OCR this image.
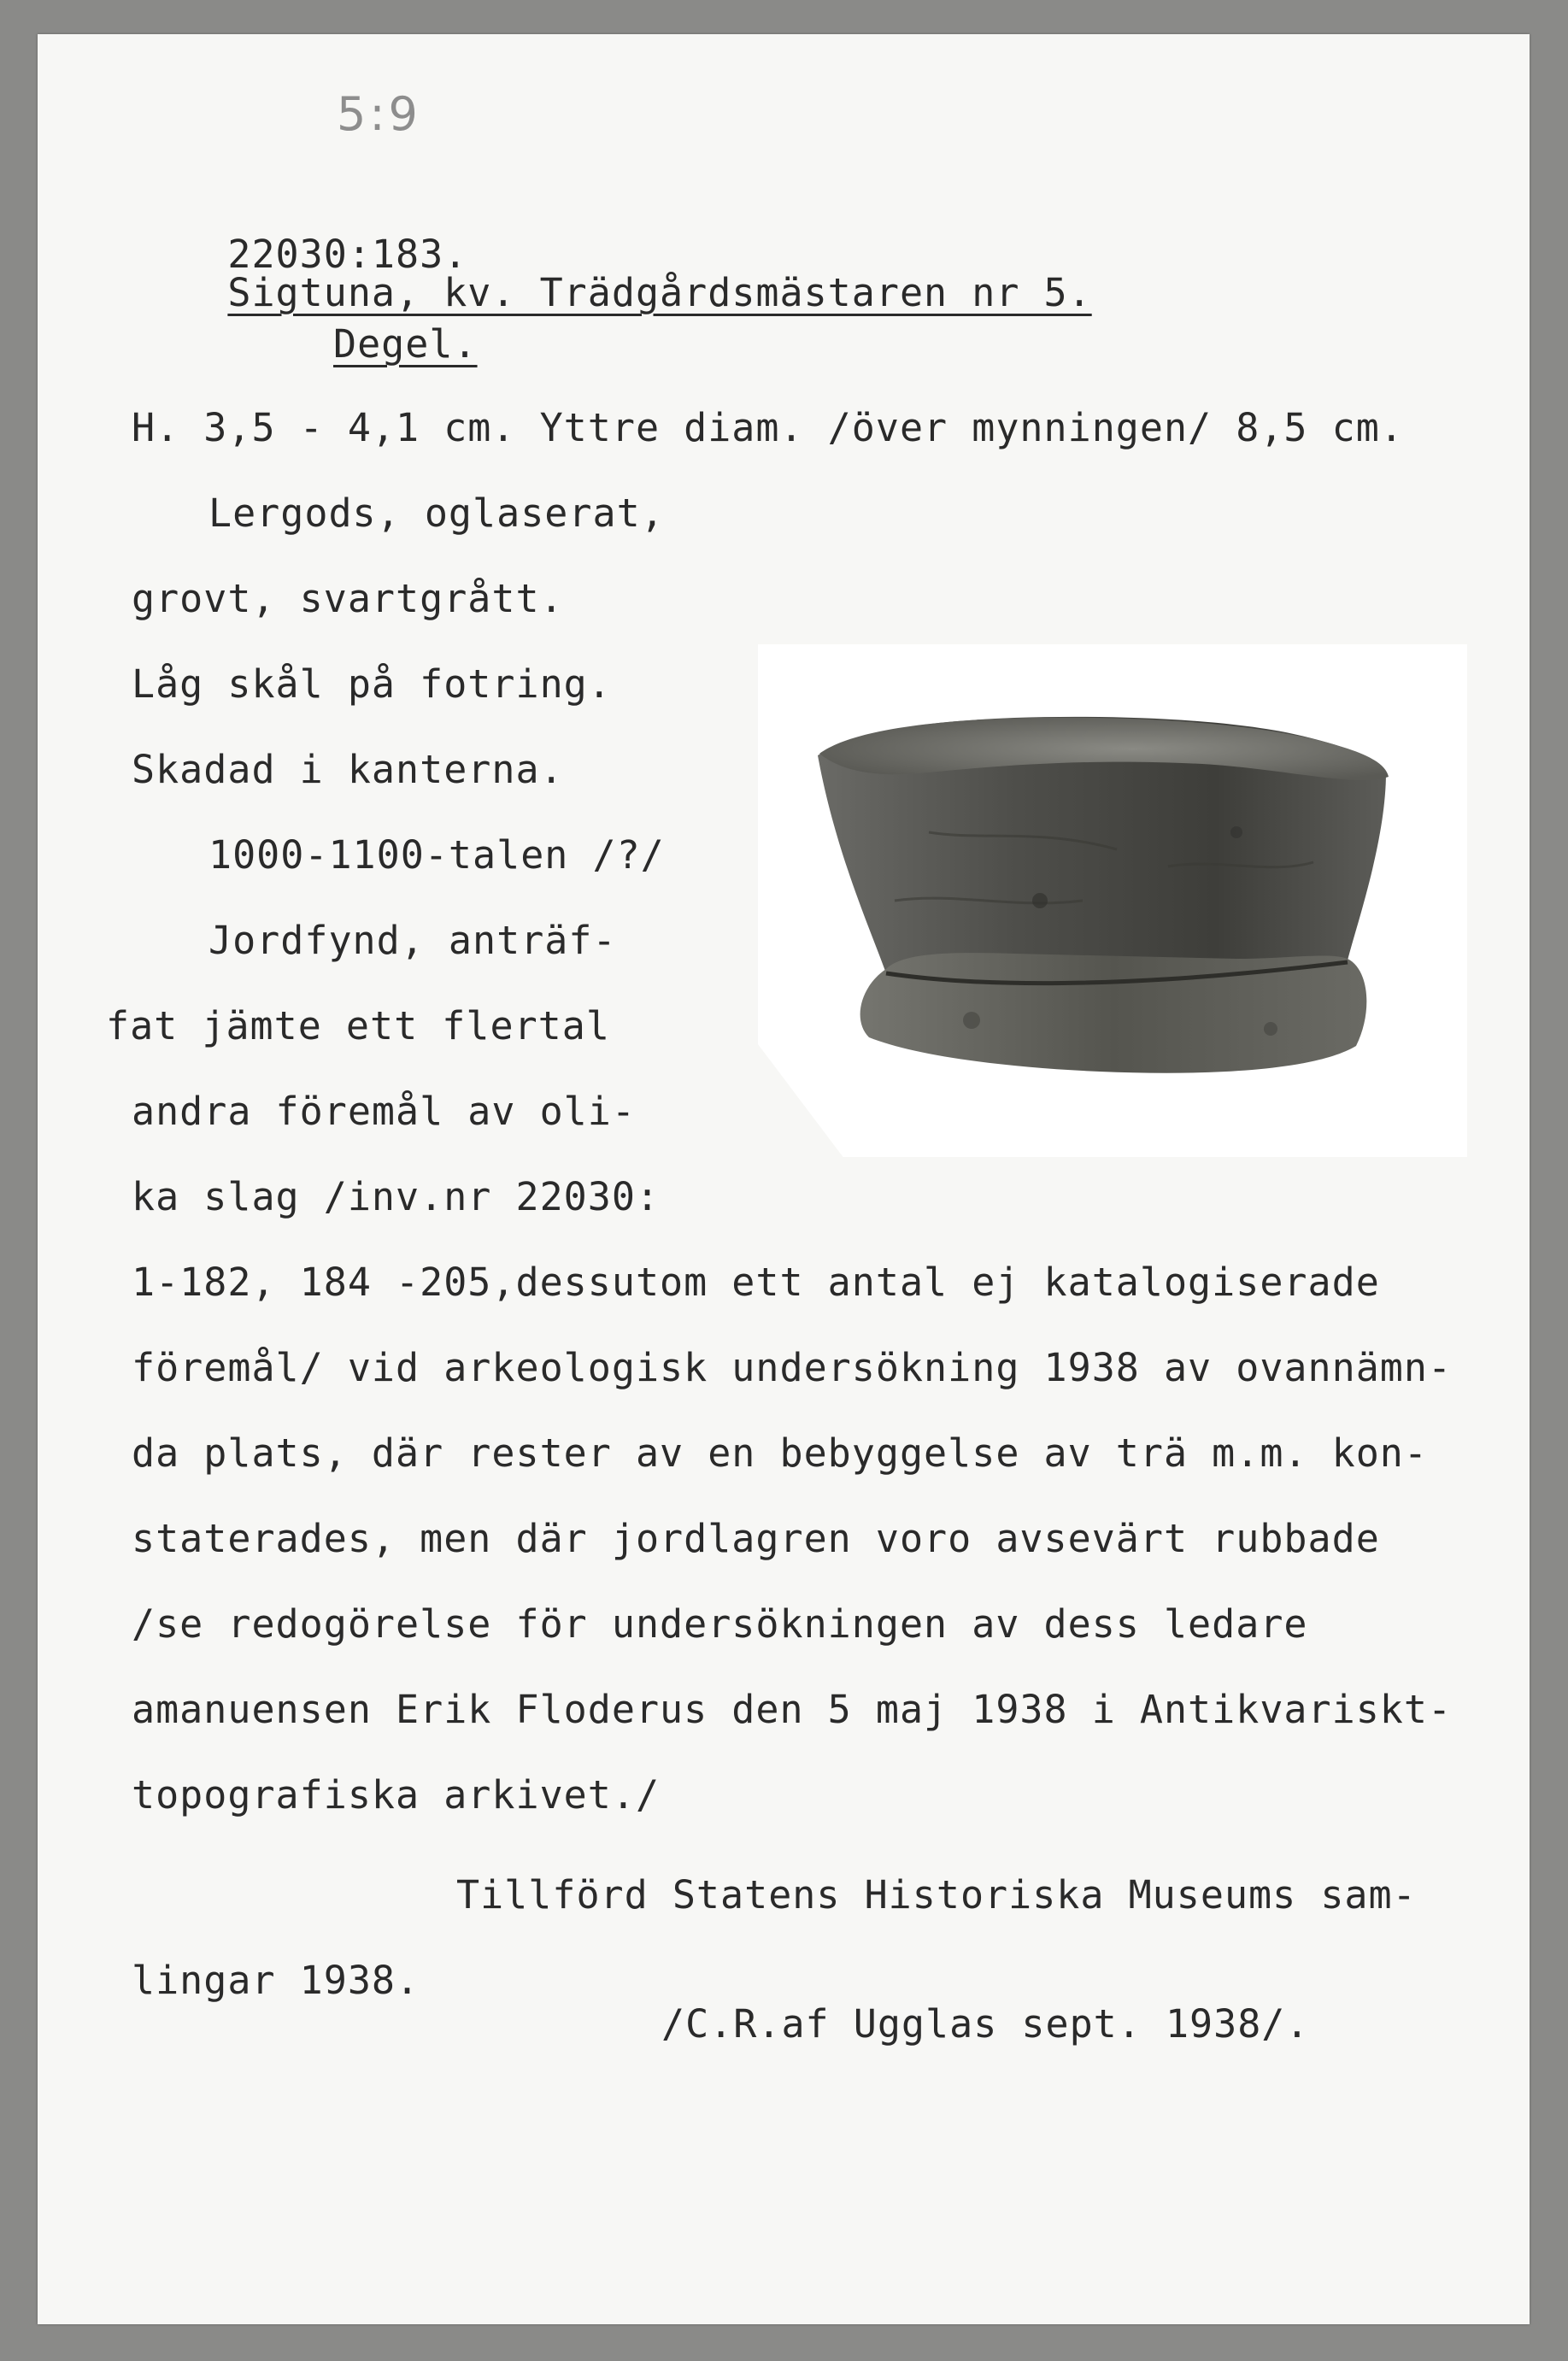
5:9

22030:183.
Sigtuna, kv. Trädgårdsmästaren nr 5.

Degel.
H. 3,5 - 4,1 cm. Yttre diam. /över mynningen/ 8,5 cm.
Lergods, oglaserat,
grovt, svartgrått.
Låg skål på fotring.
Skadad i kanterna.
1000-1100-talen /?/
Jordfynd, anträf-
fat jämte ett flertal
andra föremål av oli-
ka slag /inv.nr 22030:
1-182, 184 -205,dessutom ett antal ej katalogiserade
föremål/ vid arkeologisk undersökning 1938 av ovannämn-
da plats, där rester av en bebyggelse av trä m.m. kon-
staterades, men där jordlagren voro avsevärt rubbade
/se redogörelse för undersökningen av dess ledare
amanuensen Erik Floderus den 5 maj 1938 i Antikvariskt-
topografiska arkivet./
Tillförd Statens Historiska Museums sam-
lingar 1938.
/C.R.af Ugglas sept. 1938/.
